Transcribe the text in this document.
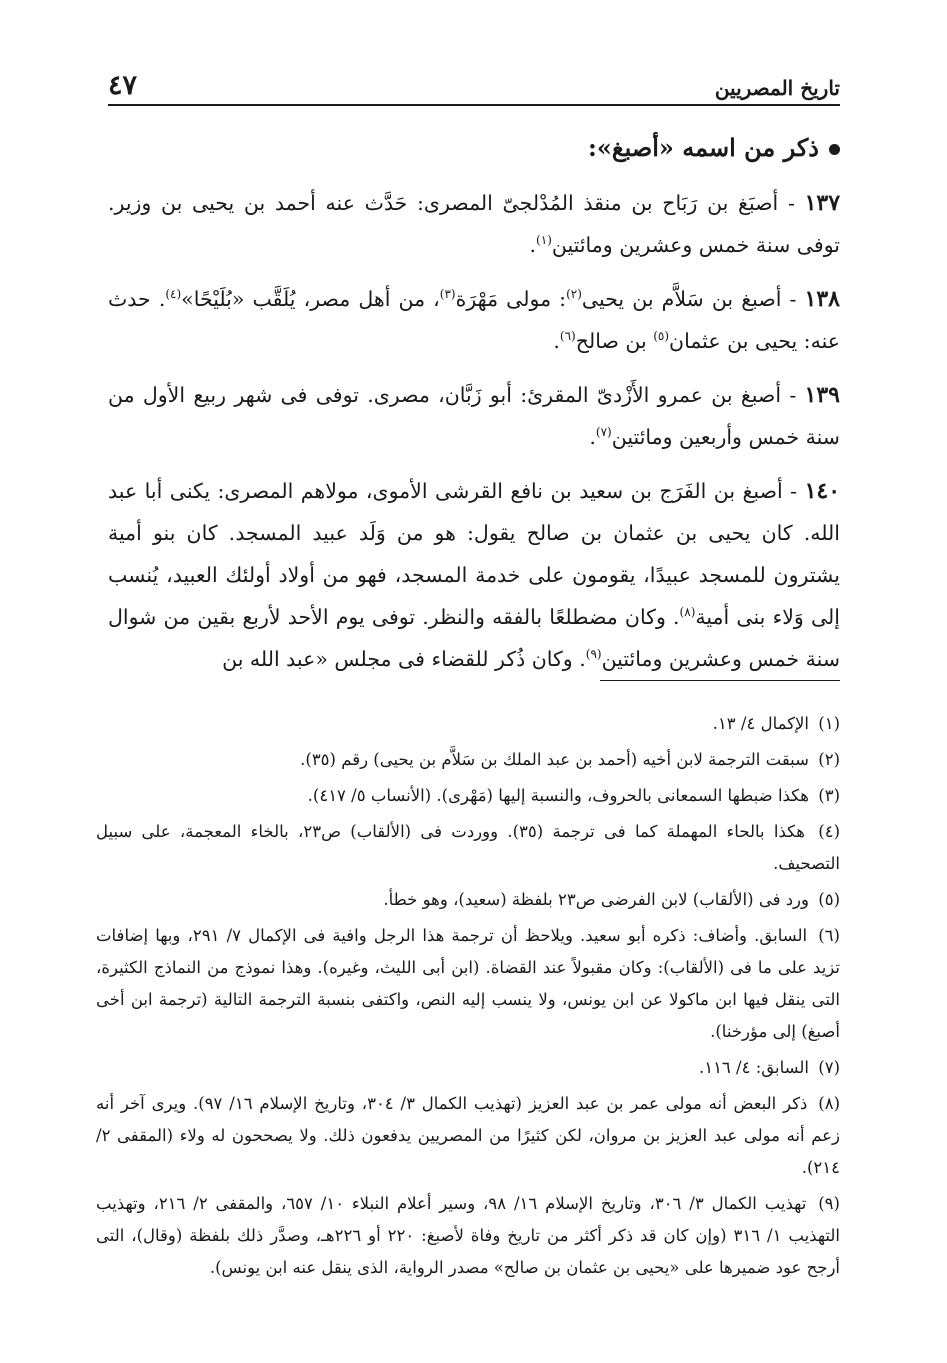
تاريخ المصريين
٤٧

ذكر من اسمه «أصبغ»:

١٣٧ - أصبَغ بن رَبَاح بن منقذ المُدْلجىّ المصرى: حَدَّث عنه أحمد بن يحيى بن وزير. توفى سنة خمس وعشرين ومائتين$^{(١)}$.

١٣٨ - أصبغ بن سَلاَّم بن يحيى$^{(٢)}$: مولى مَهْرَة$^{(٣)}$، من أهل مصر، يُلَقَّب «بُلَيْحًا»$^{(٤)}$. حدث عنه: يحيى بن عثمان$^{(٥)}$ بن صالح$^{(٦)}$.

١٣٩ - أصبغ بن عمرو الأَزْدىّ المقرئ: أبو زَبَّان، مصرى. توفى فى شهر ربيع الأول من سنة خمس وأربعين ومائتين$^{(٧)}$.

١٤٠ - أصبغ بن الفَرَج بن سعيد بن نافع القرشى الأموى، مولاهم المصرى: يكنى أبا عبد الله. كان يحيى بن عثمان بن صالح يقول: هو من وَلَد عبيد المسجد. كان بنو أمية يشترون للمسجد عبيدًا، يقومون على خدمة المسجد، فهو من أولاد أولئك العبيد، يُنسب إلى وَلاء بنى أمية$^{(٨)}$. وكان مضطلعًا بالفقه والنظر. توفى يوم الأحد لأربع بقين من شوال سنة خمس وعشرين ومائتين$^{(٩)}$. وكان ذُكر للقضاء فى مجلس «عبد الله بن

(١) الإكمال ٤/ ١٣.

(٢) سبقت الترجمة لابن أخيه (أحمد بن عبد الملك بن سَلاَّم بن يحيى) رقم (٣٥).

(٣) هكذا ضبطها السمعانى بالحروف، والنسبة إليها (مَهْرى). (الأنساب ٥/ ٤١٧).

(٤) هكذا بالحاء المهملة كما فى ترجمة (٣٥). ووردت فى (الألقاب) ص٢٣، بالخاء المعجمة، على سبيل التصحيف.

(٥) ورد فى (الألقاب) لابن الفرضى ص٢٣ بلفظة (سعيد)، وهو خطأ.

(٦) السابق. وأضاف: ذكره أبو سعيد. ويلاحظ أن ترجمة هذا الرجل وافية فى الإكمال ٧/ ٢٩١، وبها إضافات تزيد على ما فى (الألقاب): وكان مقبولاً عند القضاة. (ابن أبى الليث، وغيره). وهذا نموذج من النماذج الكثيرة، التى ينقل فيها ابن ماكولا عن ابن يونس، ولا ينسب إليه النص، واكتفى بنسبة الترجمة التالية (ترجمة ابن أخى أصبغ) إلى مؤرخنا).

(٧) السابق: ٤/ ١١٦.

(٨) ذكر البعض أنه مولى عمر بن عبد العزيز (تهذيب الكمال ٣/ ٣٠٤، وتاريخ الإسلام ١٦/ ٩٧). ويرى آخر أنه زعم أنه مولى عبد العزيز بن مروان، لكن كثيرًا من المصريين يدفعون ذلك. ولا يصححون له ولاء (المقفى ٢/ ٢١٤).

(٩) تهذيب الكمال ٣/ ٣٠٦، وتاريخ الإسلام ١٦/ ٩٨، وسير أعلام النبلاء ١٠/ ٦٥٧، والمقفى ٢/ ٢١٦، وتهذيب التهذيب ١/ ٣١٦ (وإن كان قد ذكر أكثر من تاريخ وفاة لأصبغ: ٢٢٠ أو ٢٢٦هـ، وصدَّر ذلك بلفظة (وقال)، التى أرجح عود ضميرها على «يحيى بن عثمان بن صالح» مصدر الرواية، الذى ينقل عنه ابن يونس).
